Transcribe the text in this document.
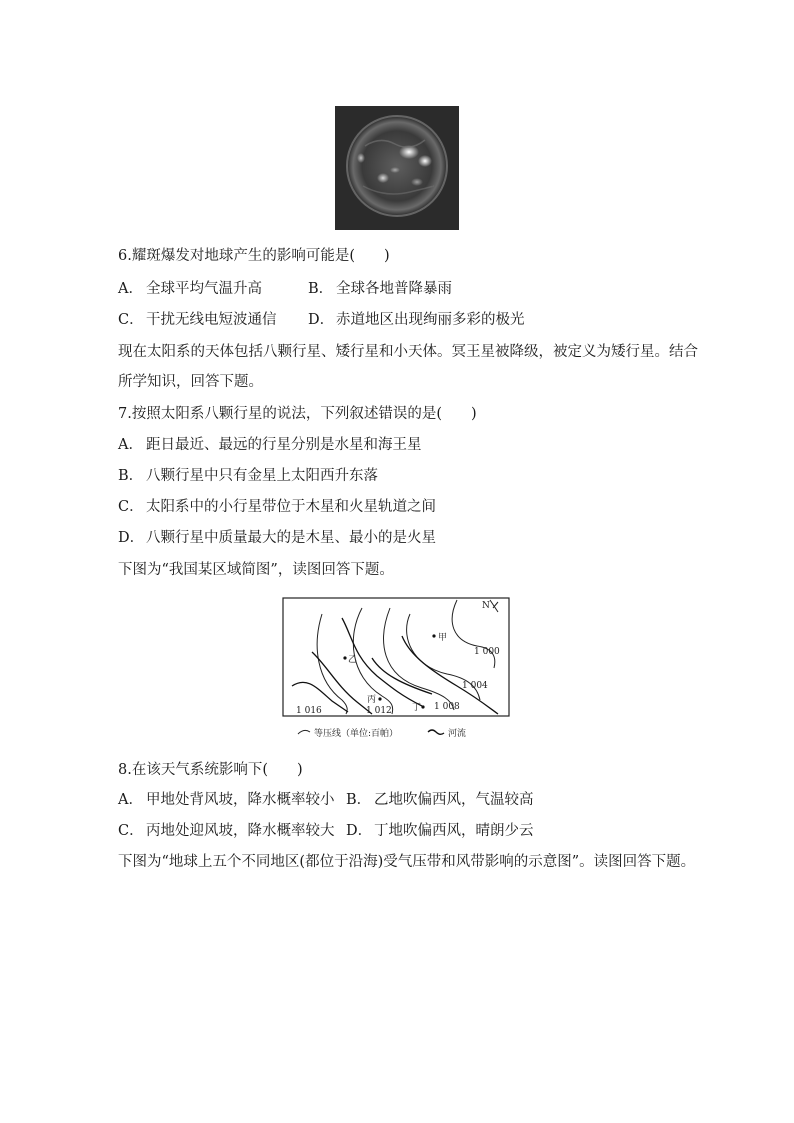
6.耀斑爆发对地球产生的影响可能是(　　)
A． 全球平均气温升高	B． 全球各地普降暴雨
C． 干扰无线电短波通信 D． 赤道地区出现绚丽多彩的极光
现在太阳系的天体包括八颗行星、矮行星和小天体。冥王星被降级，被定义为矮行星。结合
所学知识，回答下题。
7.按照太阳系八颗行星的说法，下列叙述错误的是(　　)
A． 距日最近、最远的行星分别是水星和海王星
B． 八颗行星中只有金星上太阳西升东落
C． 太阳系中的小行星带位于木星和火星轨道之间
D． 八颗行星中质量最大的是木星、最小的是火星
下图为“我国某区域简图”，读图回答下题。
N
甲
乙
丙
丁
1 000
1 004
1 008
1 012
1 016
等压线（单位:百帕）	河流
8.在该天气系统影响下(　　)
A． 甲地处背风坡，降水概率较小 B． 乙地吹偏西风，气温较高
C． 丙地处迎风坡，降水概率较大 D． 丁地吹偏西风，晴朗少云
下图为“地球上五个不同地区(都位于沿海)受气压带和风带影响的示意图”。读图回答下题。
